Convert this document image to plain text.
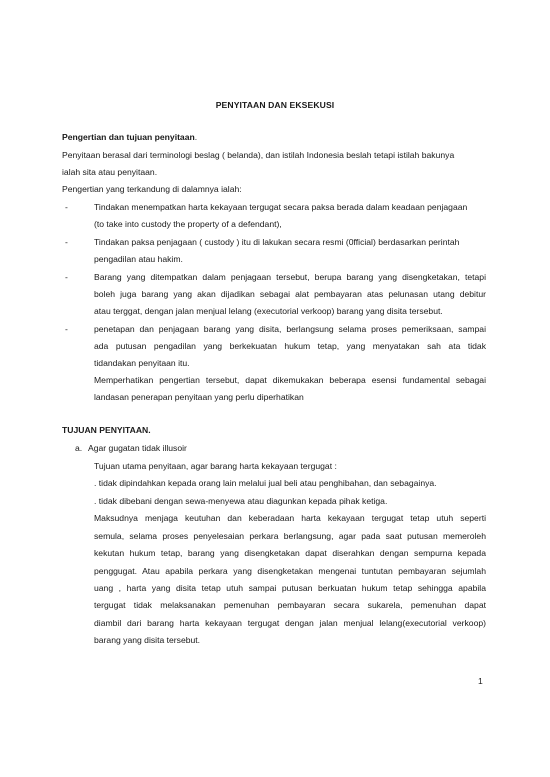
PENYITAAN DAN EKSEKUSI
Pengertian dan tujuan penyitaan.
Penyitaan berasal dari terminologi beslag ( belanda), dan istilah Indonesia beslah tetapi istilah bakunya
ialah sita atau penyitaan.
Pengertian yang terkandung di dalamnya ialah:
-	Tindakan menempatkan harta kekayaan tergugat secara paksa berada dalam keadaan penjagaan
(to take into custody the property of a defendant),
-	Tindakan paksa penjagaan ( custody ) itu di lakukan secara resmi (0fficial) berdasarkan perintah
pengadilan atau hakim.
-	Barang yang ditempatkan dalam penjagaan tersebut, berupa barang yang disengketakan, tetapi
boleh juga barang yang akan dijadikan sebagai alat pembayaran atas pelunasan utang debitur
atau terggat, dengan jalan menjual lelang (executorial verkoop) barang yang disita tersebut.
-	penetapan dan penjagaan barang yang disita, berlangsung selama proses pemeriksaan, sampai
ada putusan pengadilan yang berkekuatan hukum tetap, yang menyatakan sah ata tidak
tidandakan penyitaan itu.
Memperhatikan pengertian tersebut, dapat dikemukakan beberapa esensi fundamental sebagai
landasan penerapan penyitaan yang perlu diperhatikan
TUJUAN PENYITAAN.
a. Agar gugatan tidak illusoir
Tujuan utama penyitaan, agar barang harta kekayaan tergugat :
. tidak dipindahkan kepada orang lain melalui jual beli atau penghibahan, dan sebagainya.
. tidak dibebani dengan sewa-menyewa atau diagunkan kepada pihak ketiga.
Maksudnya menjaga keutuhan dan keberadaan harta kekayaan tergugat tetap utuh seperti
semula, selama proses penyelesaian perkara berlangsung, agar pada saat putusan memeroleh
kekutan hukum tetap, barang yang disengketakan dapat diserahkan dengan sempurna kepada
penggugat. Atau apabila perkara yang disengketakan mengenai tuntutan pembayaran sejumlah
uang , harta yang disita tetap utuh sampai putusan berkuatan hukum tetap sehingga apabila
tergugat tidak melaksanakan pemenuhan pembayaran secara sukarela, pemenuhan dapat
diambil dari barang harta kekayaan tergugat dengan jalan menjual lelang(executorial verkoop)
barang yang disita tersebut.
1
